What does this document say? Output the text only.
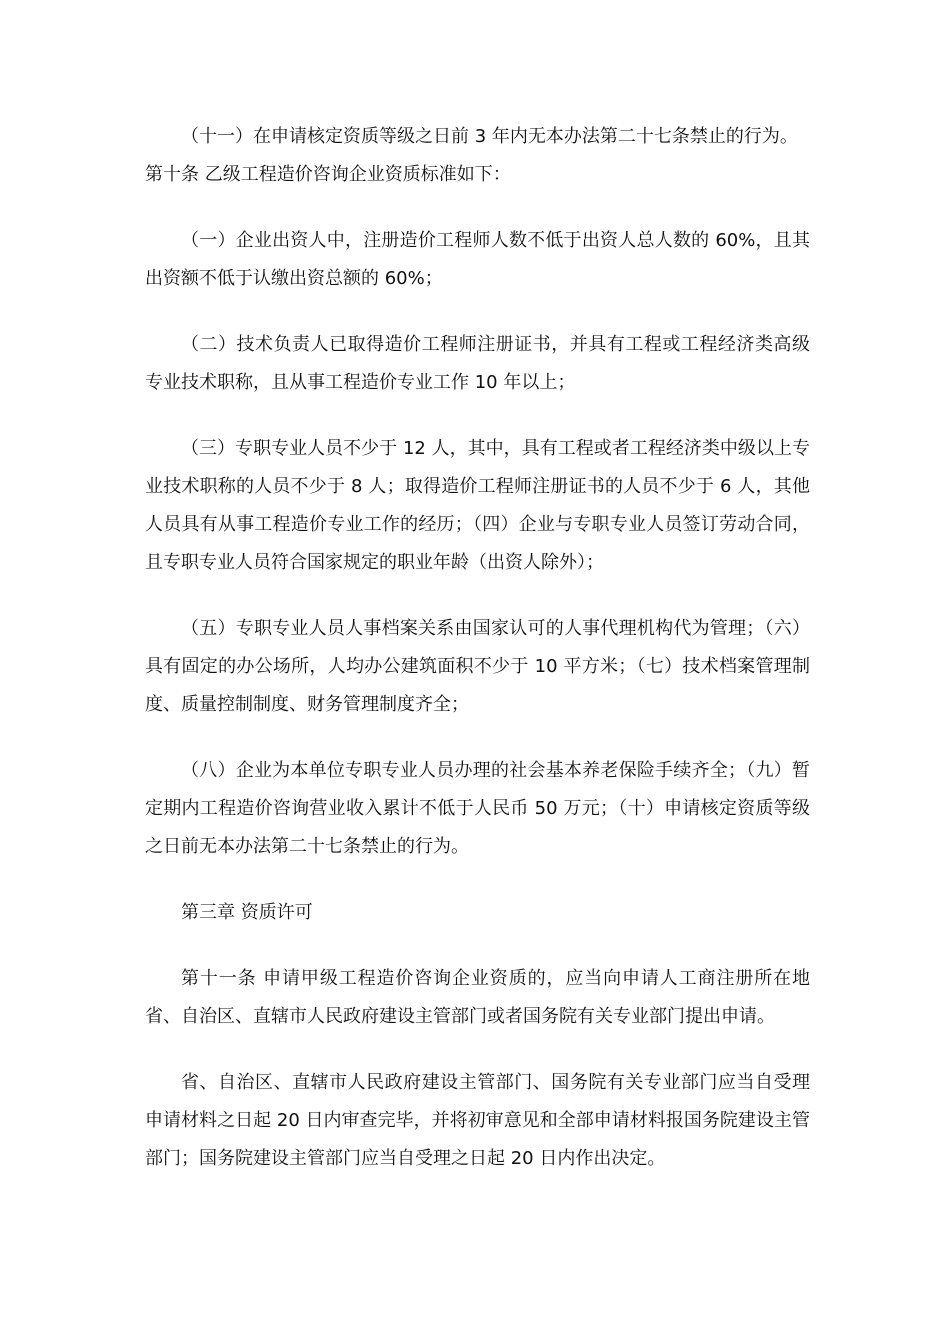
（十一）在申请核定资质等级之日前 3 年内无本办法第二十七条禁止的行为。

第十条 乙级工程造价咨询企业资质标准如下：

（一）企业出资人中，注册造价工程师人数不低于出资人总人数的 60%，且其出资额不低于认缴出资总额的 60%；

（二）技术负责人已取得造价工程师注册证书，并具有工程或工程经济类高级专业技术职称，且从事工程造价专业工作 10 年以上；

（三）专职专业人员不少于 12 人，其中，具有工程或者工程经济类中级以上专业技术职称的人员不少于 8 人；取得造价工程师注册证书的人员不少于 6 人，其他人员具有从事工程造价专业工作的经历；（四）企业与专职专业人员签订劳动合同，且专职专业人员符合国家规定的职业年龄（出资人除外）；

（五）专职专业人员人事档案关系由国家认可的人事代理机构代为管理；（六）具有固定的办公场所，人均办公建筑面积不少于 10 平方米；（七）技术档案管理制度、质量控制制度、财务管理制度齐全；

（八）企业为本单位专职专业人员办理的社会基本养老保险手续齐全；（九）暂定期内工程造价咨询营业收入累计不低于人民币 50 万元；（十）申请核定资质等级之日前无本办法第二十七条禁止的行为。

第三章 资质许可

第十一条 申请甲级工程造价咨询企业资质的，应当向申请人工商注册所在地省、自治区、直辖市人民政府建设主管部门或者国务院有关专业部门提出申请。

省、自治区、直辖市人民政府建设主管部门、国务院有关专业部门应当自受理申请材料之日起 20 日内审查完毕，并将初审意见和全部申请材料报国务院建设主管部门；国务院建设主管部门应当自受理之日起 20 日内作出决定。
